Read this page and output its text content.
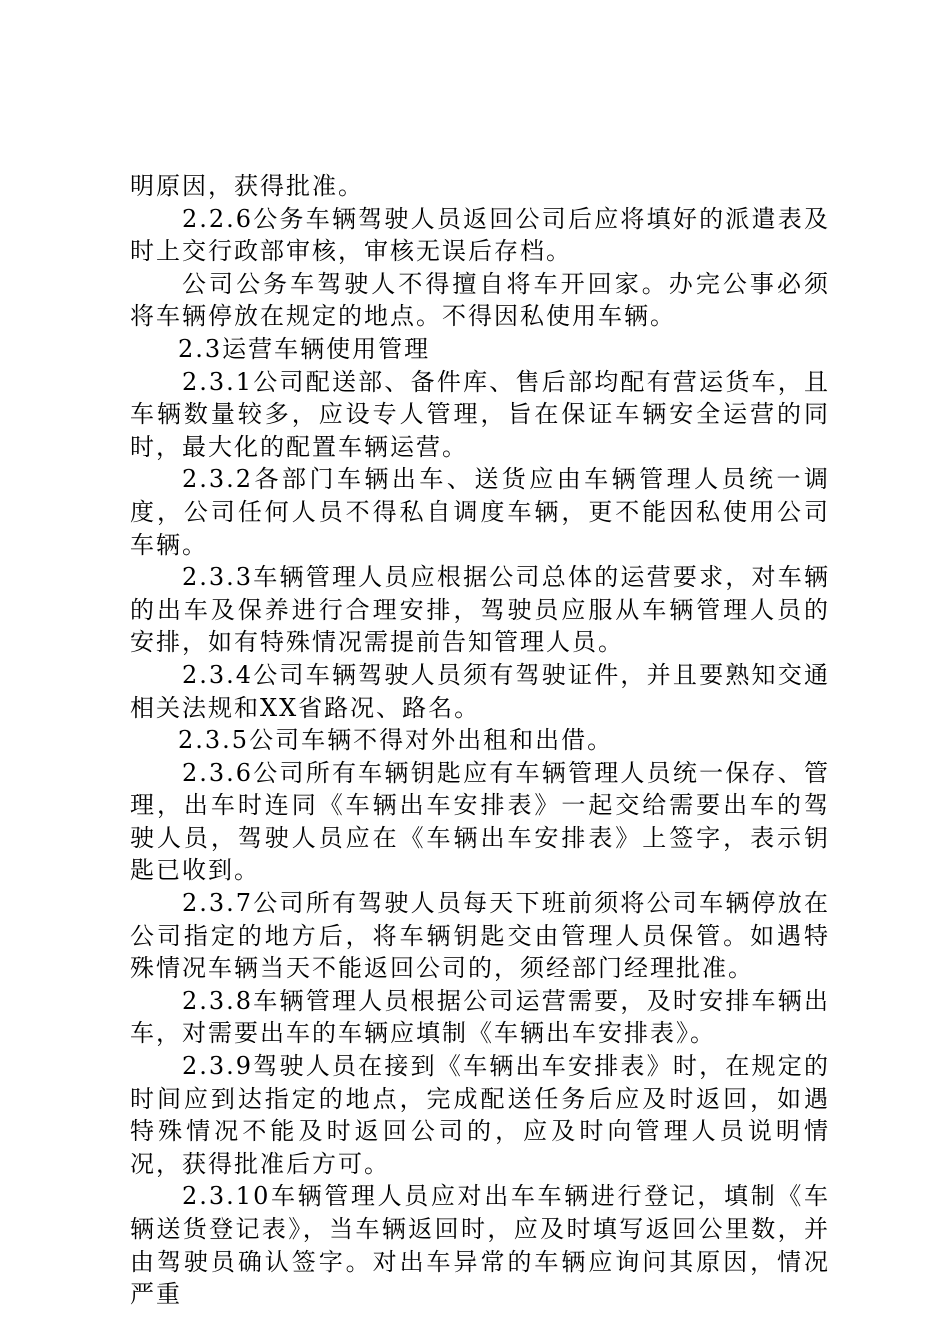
明原因，获得批准。

2.2.6公务车辆驾驶人员返回公司后应将填好的派遣表及时上交行政部审核，审核无误后存档。

公司公务车驾驶人不得擅自将车开回家。办完公事必须将车辆停放在规定的地点。不得因私使用车辆。

2.3运营车辆使用管理

2.3.1公司配送部、备件库、售后部均配有营运货车，且车辆数量较多，应设专人管理，旨在保证车辆安全运营的同时，最大化的配置车辆运营。

2.3.2各部门车辆出车、送货应由车辆管理人员统一调度，公司任何人员不得私自调度车辆，更不能因私使用公司车辆。

2.3.3车辆管理人员应根据公司总体的运营要求，对车辆的出车及保养进行合理安排，驾驶员应服从车辆管理人员的安排，如有特殊情况需提前告知管理人员。

2.3.4公司车辆驾驶人员须有驾驶证件，并且要熟知交通相关法规和XX省路况、路名。

2.3.5公司车辆不得对外出租和出借。

2.3.6公司所有车辆钥匙应有车辆管理人员统一保存、管理，出车时连同《车辆出车安排表》一起交给需要出车的驾驶人员，驾驶人员应在《车辆出车安排表》上签字，表示钥匙已收到。

2.3.7公司所有驾驶人员每天下班前须将公司车辆停放在公司指定的地方后，将车辆钥匙交由管理人员保管。如遇特殊情况车辆当天不能返回公司的，须经部门经理批准。

2.3.8车辆管理人员根据公司运营需要，及时安排车辆出车，对需要出车的车辆应填制《车辆出车安排表》。

2.3.9驾驶人员在接到《车辆出车安排表》时，在规定的时间应到达指定的地点，完成配送任务后应及时返回，如遇特殊情况不能及时返回公司的，应及时向管理人员说明情况，获得批准后方可。

2.3.10车辆管理人员应对出车车辆进行登记，填制《车辆送货登记表》，当车辆返回时，应及时填写返回公里数，并由驾驶员确认签字。对出车异常的车辆应询问其原因，情况严重
